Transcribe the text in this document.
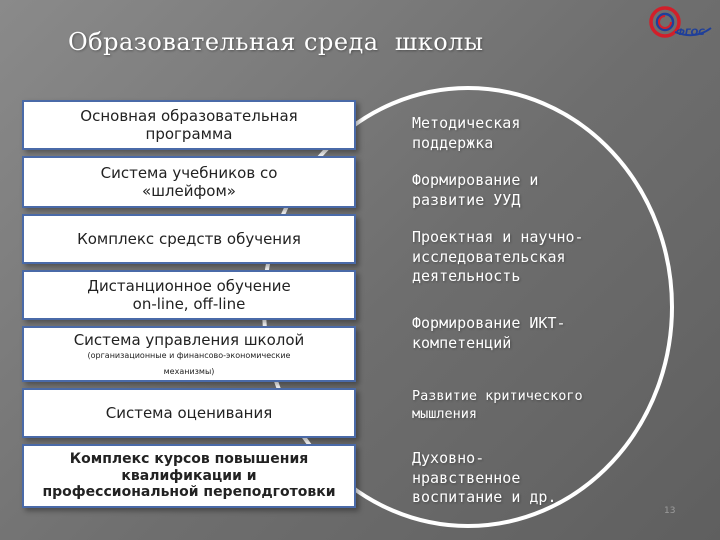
Образовательная среда  школы	ФГОС
Основная образовательная
программа
Система учебников со
«шлейфом»
Комплекс средств обучения
Дистанционное обучение
on-line, off-line
Система управления школой
(организационные и финансово-экономические
механизмы)
Система оценивания
Комплекс курсов повышения
квалификации и
профессиональной переподготовки
Методическая
поддержка
Формирование и
развитие УУД
Проектная и научно-
исследовательская
деятельность
Формирование ИКТ-
компетенций
Развитие критического
мышления
Духовно-
нравственное
воспитание и др.
13
